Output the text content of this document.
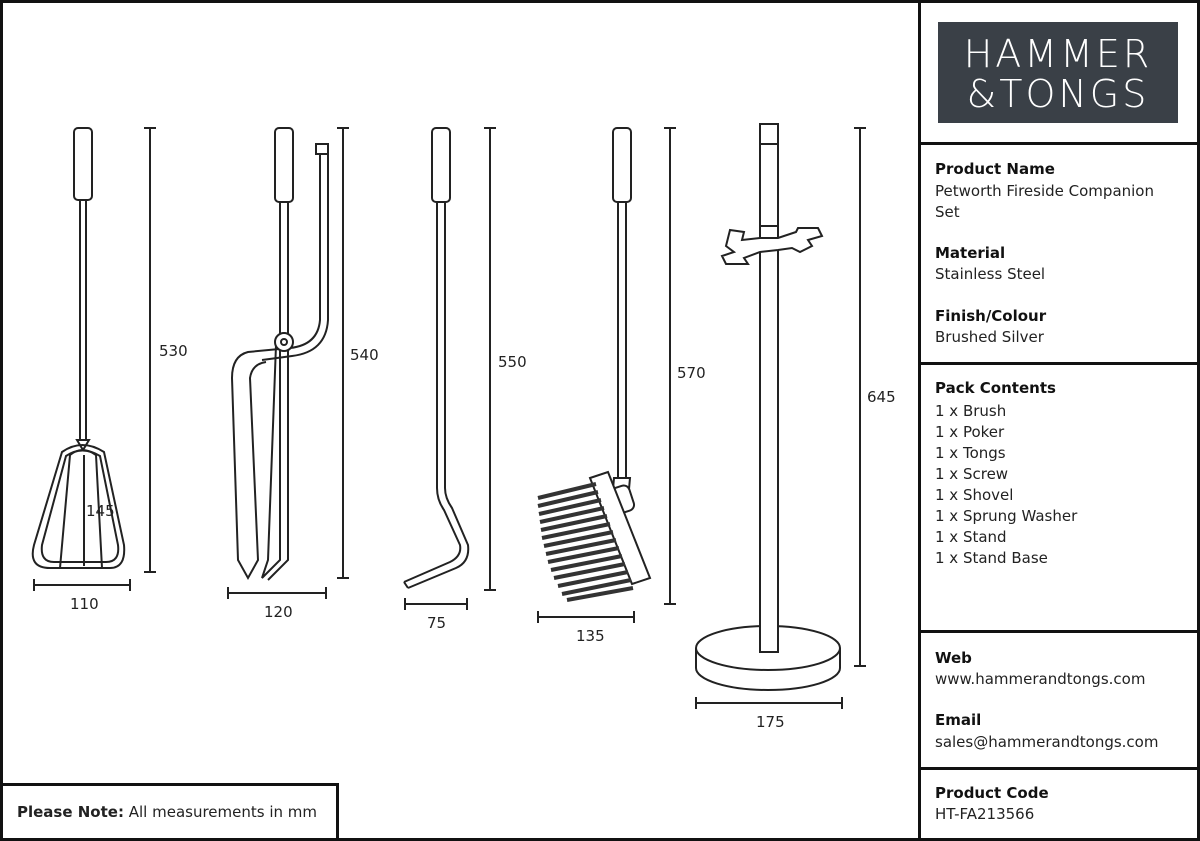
530
145
110
540
120
550
75
570
135
645
175
HAMMER
&TONGS
Product Name
Petworth Fireside Companion
Set
Material
Stainless Steel
Finish/Colour
Brushed Silver
Pack Contents
1 x Brush
1 x Poker
1 x Tongs
1 x Screw
1 x Shovel
1 x Sprung Washer
1 x Stand
1 x Stand Base
Web
www.hammerandtongs.com
Email
sales@hammerandtongs.com
Product Code
HT-FA213566
Please Note: All measurements in mm
